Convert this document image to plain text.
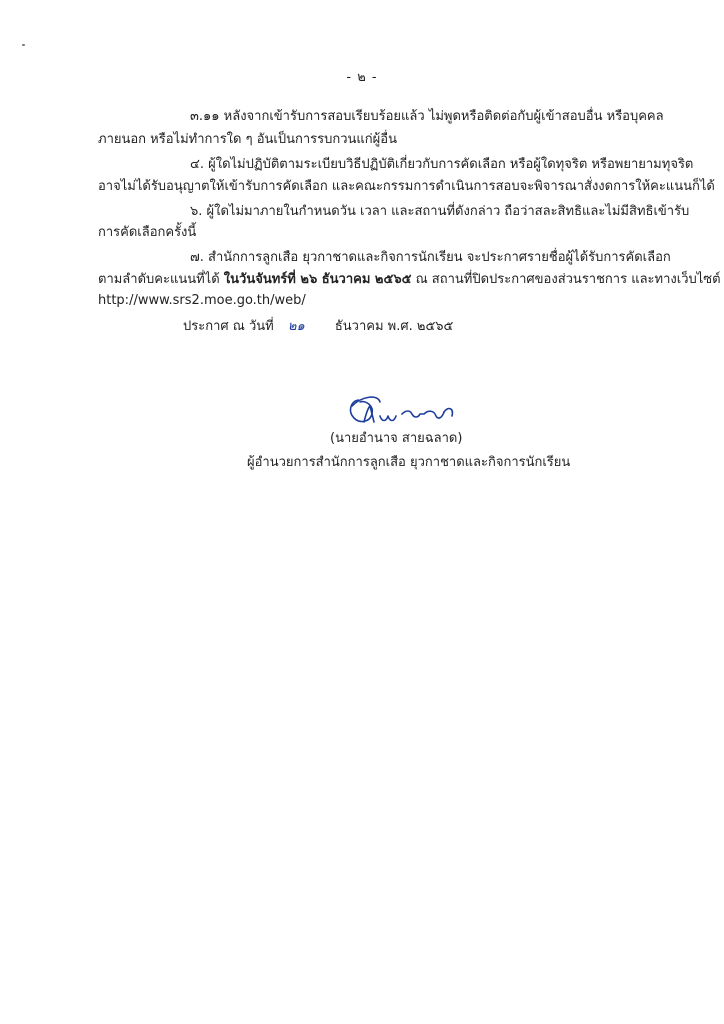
- ๒ -
๓.๑๑ หลังจากเข้ารับการสอบเรียบร้อยแล้ว ไม่พูดหรือติดต่อกับผู้เข้าสอบอื่น หรือบุคคล
ภายนอก หรือไม่ทำการใด ๆ อันเป็นการรบกวนแก่ผู้อื่น
๔. ผู้ใดไม่ปฏิบัติตามระเบียบวิธีปฏิบัติเกี่ยวกับการคัดเลือก หรือผู้ใดทุจริต หรือพยายามทุจริต
อาจไม่ได้รับอนุญาตให้เข้ารับการคัดเลือก และคณะกรรมการดำเนินการสอบจะพิจารณาสั่งงดการให้คะแนนก็ได้
๖. ผู้ใดไม่มาภายในกำหนดวัน เวลา และสถานที่ดังกล่าว ถือว่าสละสิทธิและไม่มีสิทธิเข้ารับ
การคัดเลือกครั้งนี้
๗. สำนักการลูกเสือ ยุวกาชาดและกิจการนักเรียน จะประกาศรายชื่อผู้ได้รับการคัดเลือก
ตามลำดับคะแนนที่ได้ ในวันจันทร์ที่ ๒๖ ธันวาคม ๒๕๖๕ ณ สถานที่ปิดประกาศของส่วนราชการ และทางเว็บไซต์
http://www.srs2.moe.go.th/web/
ประกาศ ณ วันที่ ๒๑ ธันวาคม พ.ศ. ๒๕๖๕
(นายอำนาจ สายฉลาด)
ผู้อำนวยการสำนักการลูกเสือ ยุวกาชาดและกิจการนักเรียน
